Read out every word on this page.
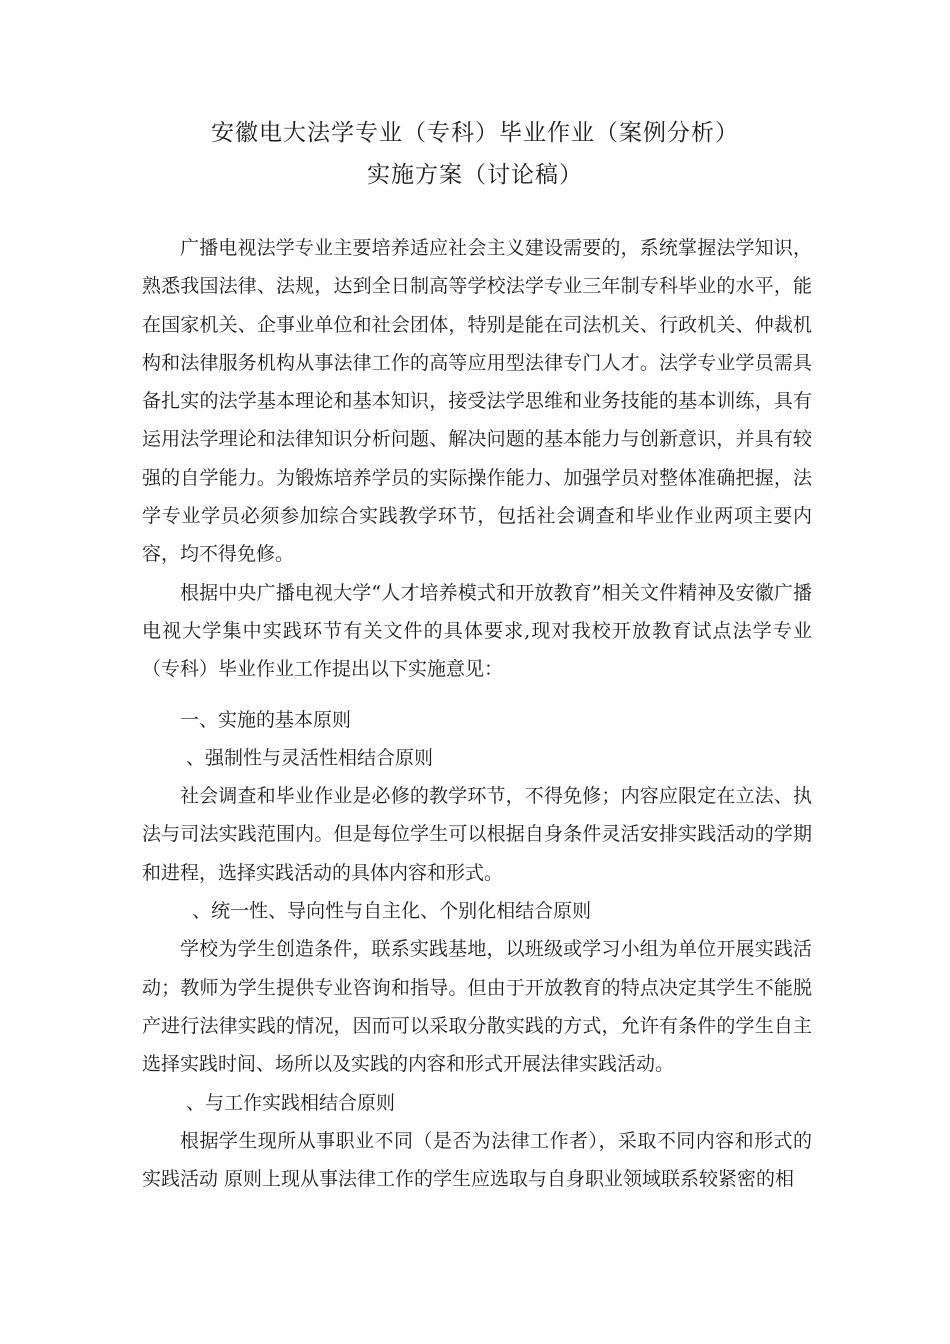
安徽电大法学专业（专科）毕业作业（案例分析）
实施方案（讨论稿）

广播电视法学专业主要培养适应社会主义建设需要的，系统掌握法学知识，熟悉我国法律、法规，达到全日制高等学校法学专业三年制专科毕业的水平，能在国家机关、企事业单位和社会团体，特别是能在司法机关、行政机关、仲裁机构和法律服务机构从事法律工作的高等应用型法律专门人才。法学专业学员需具备扎实的法学基本理论和基本知识，接受法学思维和业务技能的基本训练，具有运用法学理论和法律知识分析问题、解决问题的基本能力与创新意识，并具有较强的自学能力。为锻炼培养学员的实际操作能力、加强学员对整体准确把握，法学专业学员必须参加综合实践教学环节，包括社会调查和毕业作业两项主要内容，均不得免修。

根据中央广播电视大学“人才培养模式和开放教育”相关文件精神及安徽广播电视大学集中实践环节有关文件的具体要求,现对我校开放教育试点法学专业（专科）毕业作业工作提出以下实施意见：

一、实施的基本原则

、强制性与灵活性相结合原则

社会调查和毕业作业是必修的教学环节，不得免修；内容应限定在立法、执法与司法实践范围内。但是每位学生可以根据自身条件灵活安排实践活动的学期和进程，选择实践活动的具体内容和形式。

、统一性、导向性与自主化、个别化相结合原则

学校为学生创造条件，联系实践基地，以班级或学习小组为单位开展实践活动；教师为学生提供专业咨询和指导。但由于开放教育的特点决定其学生不能脱产进行法律实践的情况，因而可以采取分散实践的方式，允许有条件的学生自主选择实践时间、场所以及实践的内容和形式开展法律实践活动。

、与工作实践相结合原则

根据学生现所从事职业不同（是否为法律工作者），采取不同内容和形式的实践活动 原则上现从事法律工作的学生应选取与自身职业领域联系较紧密的相
